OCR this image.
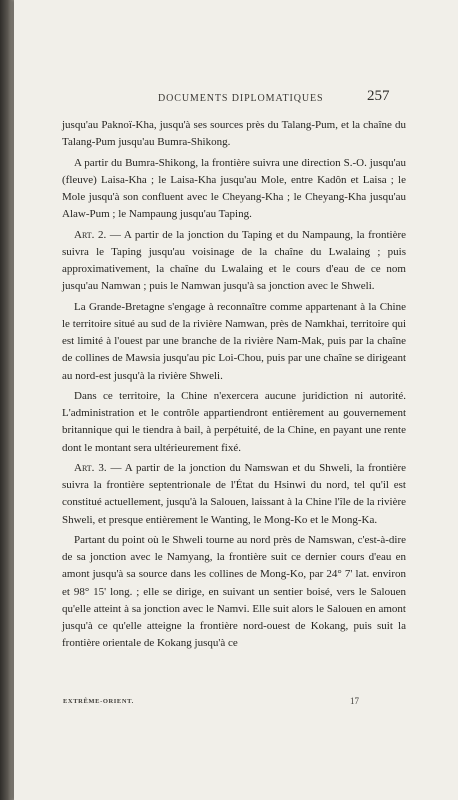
DOCUMENTS DIPLOMATIQUES	257

jusqu'au Paknoï-Kha, jusqu'à ses sources près du Talang-Pum, et la chaîne du Talang-Pum jusqu'au Bumra-Shikong.

A partir du Bumra-Shikong, la frontière suivra une direction S.-O. jusqu'au (fleuve) Laisa-Kha ; le Laisa-Kha jusqu'au Mole, entre Kadôn et Laisa ; le Mole jusqu'à son confluent avec le Cheyang-Kha ; le Cheyang-Kha jusqu'au Alaw-Pum ; le Nampaung jusqu'au Taping.

Art. 2. — A partir de la jonction du Taping et du Nampaung, la frontière suivra le Taping jusqu'au voisinage de la chaîne du Lwalaing ; puis approximativement, la chaîne du Lwalaing et le cours d'eau de ce nom jusqu'au Namwan ; puis le Namwan jusqu'à sa jonction avec le Shweli.

La Grande-Bretagne s'engage à reconnaître comme appartenant à la Chine le territoire situé au sud de la rivière Namwan, près de Namkhai, territoire qui est limité à l'ouest par une branche de la rivière Nam-Mak, puis par la chaîne de collines de Mawsia jusqu'au pic Loi-Chou, puis par une chaîne se dirigeant au nord-est jusqu'à la rivière Shweli.

Dans ce territoire, la Chine n'exercera aucune juridiction ni autorité. L'administration et le contrôle appartiendront entièrement au gouvernement britannique qui le tiendra à bail, à perpétuité, de la Chine, en payant une rente dont le montant sera ultérieurement fixé.

Art. 3. — A partir de la jonction du Namswan et du Shweli, la frontière suivra la frontière septentrionale de l'État du Hsinwi du nord, tel qu'il est constitué actuellement, jusqu'à la Salouen, laissant à la Chine l'île de la rivière Shweli, et presque entièrement le Wanting, le Mong-Ko et le Mong-Ka.

Partant du point où le Shweli tourne au nord près de Namswan, c'est-à-dire de sa jonction avec le Namyang, la frontière suit ce dernier cours d'eau en amont jusqu'à sa source dans les collines de Mong-Ko, par 24° 7' lat. environ et 98° 15' long. ; elle se dirige, en suivant un sentier boisé, vers le Salouen qu'elle atteint à sa jonction avec le Namvi. Elle suit alors le Salouen en amont jusqu'à ce qu'elle atteigne la frontière nord-ouest de Kokang, puis suit la frontière orientale de Kokang jusqu'à ce

EXTRÊME-ORIENT.	17
